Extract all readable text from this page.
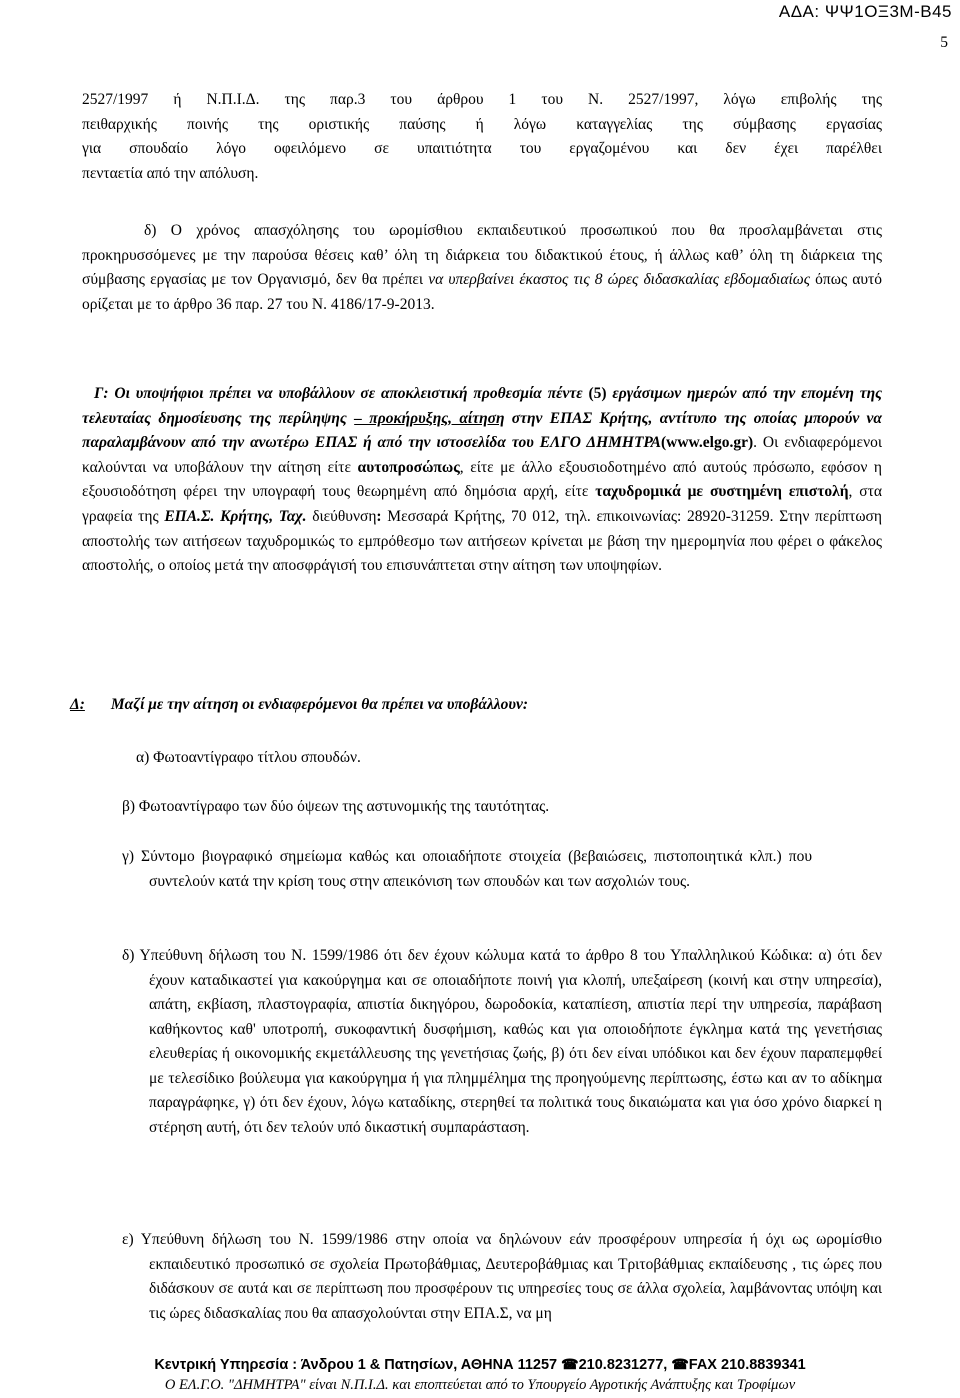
ΑΔΑ: ΨΨ1ΟΞ3Μ-Β45
5

2527/1997 ή Ν.Π.Ι.Δ. της παρ.3 του άρθρου 1 του Ν. 2527/1997, λόγω επιβολής της

πειθαρχικής ποινής της οριστικής παύσης ή λόγω καταγγελίας της σύμβασης εργασίας

για σπουδαίο λόγο οφειλόμενο σε υπαιτιότητα του εργαζομένου και δεν έχει παρέλθει

πενταετία από την απόλυση.

δ) Ο χρόνος απασχόλησης του ωρομίσθιου εκπαιδευτικού προσωπικού που θα προσλαμβάνεται στις προκηρυσσόμενες με την παρούσα θέσεις καθ’ όλη τη διάρκεια του διδακτικού έτους, ή άλλως καθ’ όλη τη διάρκεια της σύμβασης εργασίας με τον Οργανισμό, δεν θα πρέπει να υπερβαίνει έκαστος τις 8 ώρες διδασκαλίας εβδομαδιαίως όπως αυτό ορίζεται με το άρθρο 36 παρ. 27 του Ν. 4186/17-9-2013.

Γ: Οι υποψήφιοι πρέπει να υποβάλλουν σε αποκλειστική προθεσμία πέντε (5) εργάσιμων ημερών από την επομένη της τελευταίας δημοσίευσης της περίληψης – προκήρυξης, αίτηση στην ΕΠΑΣ Κρήτης, αντίτυπο της οποίας μπορούν να παραλαμβάνουν από την ανωτέρω ΕΠΑΣ ή από την ιστοσελίδα του ΕΛΓΟ ΔΗΜΗΤΡΑ(www.elgo.gr). Οι ενδιαφερόμενοι καλούνται να υποβάλουν την αίτηση είτε αυτοπροσώπως, είτε με άλλο εξουσιοδοτημένο από αυτούς πρόσωπο, εφόσον η εξουσιοδότηση φέρει την υπογραφή τους θεωρημένη από δημόσια αρχή, είτε ταχυδρομικά με συστημένη επιστολή, στα γραφεία της ΕΠΑ.Σ. Κρήτης, Ταχ. διεύθυνση: Μεσσαρά Κρήτης, 70 012, τηλ. επικοινωνίας: 28920-31259. Στην περίπτωση αποστολής των αιτήσεων ταχυδρομικώς το εμπρόθεσμο των αιτήσεων κρίνεται με βάση την ημερομηνία που φέρει ο φάκελος αποστολής, ο οποίος μετά την αποσφράγισή του επισυνάπτεται στην αίτηση των υποψηφίων.

Δ: Μαζί με την αίτηση οι ενδιαφερόμενοι θα πρέπει να υποβάλλουν:
α) Φωτοαντίγραφο τίτλου σπουδών.
β) Φωτοαντίγραφο των δύο όψεων της αστυνομικής της ταυτότητας.
γ) Σύντομο βιογραφικό σημείωμα καθώς και οποιαδήποτε στοιχεία (βεβαιώσεις, πιστοποιητικά κλπ.) που συντελούν κατά την κρίση τους στην απεικόνιση των σπουδών και των ασχολιών τους.
δ) Υπεύθυνη δήλωση του Ν. 1599/1986 ότι δεν έχουν κώλυμα κατά το άρθρο 8 του Υπαλληλικού Κώδικα: α) ότι δεν έχουν καταδικαστεί για κακούργημα και σε οποιαδήποτε ποινή για κλοπή, υπεξαίρεση (κοινή και στην υπηρεσία), απάτη, εκβίαση, πλαστογραφία, απιστία δικηγόρου, δωροδοκία, καταπίεση, απιστία περί την υπηρεσία, παράβαση καθήκοντος καθ' υποτροπή, συκοφαντική δυσφήμιση, καθώς και για οποιοδήποτε έγκλημα κατά της γενετήσιας ελευθερίας ή οικονομικής εκμετάλλευσης της γενετήσιας ζωής, β) ότι δεν είναι υπόδικοι και δεν έχουν παραπεμφθεί με τελεσίδικο βούλευμα για κακούργημα ή για πλημμέλημα της προηγούμενης περίπτωσης, έστω και αν το αδίκημα παραγράφηκε, γ) ότι δεν έχουν, λόγω καταδίκης, στερηθεί τα πολιτικά τους δικαιώματα και για όσο χρόνο διαρκεί η στέρηση αυτή, ότι δεν τελούν υπό δικαστική συμπαράσταση.
ε) Υπεύθυνη δήλωση του Ν. 1599/1986 στην οποία να δηλώνουν εάν προσφέρουν υπηρεσία ή όχι ως ωρομίσθιο εκπαιδευτικό προσωπικό σε σχολεία Πρωτοβάθμιας, Δευτεροβάθμιας και Τριτοβάθμιας εκπαίδευσης , τις ώρες που διδάσκουν σε αυτά και σε περίπτωση που προσφέρουν τις υπηρεσίες τους σε άλλα σχολεία, λαμβάνοντας υπόψη και τις ώρες διδασκαλίας που θα απασχολούνται στην ΕΠΑ.Σ, να μη
Κεντρική Υπηρεσία : Άνδρου 1 & Πατησίων, ΑΘΗΝΑ 11257 ☎210.8231277, ☎FAX 210.8839341
Ο ΕΛ.Γ.Ο. "ΔΗΜΗΤΡΑ" είναι Ν.Π.Ι.Δ. και εποπτεύεται από το Υπουργείο Αγροτικής Ανάπτυξης και Τροφίμων
